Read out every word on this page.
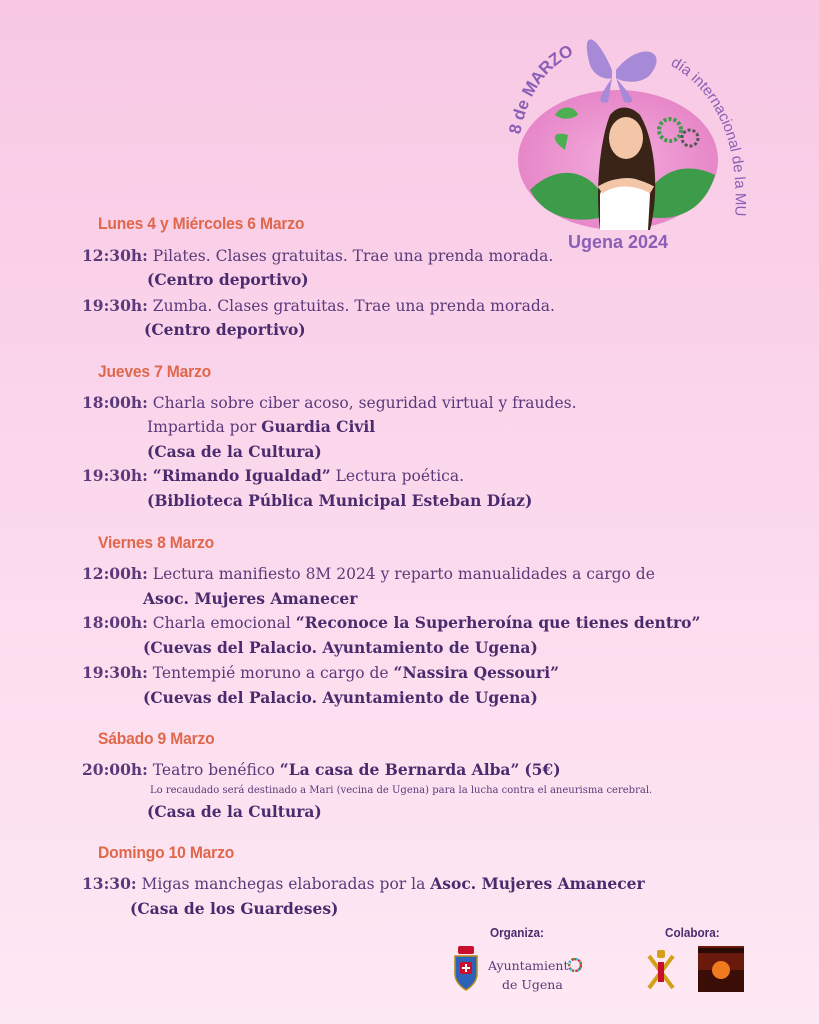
8 de MARZO	día internacional de la MU
Ugena 2024
Lunes 4 y Miércoles 6 Marzo
12:30h: Pilates. Clases gratuitas. Trae una prenda morada.
(Centro deportivo)
19:30h: Zumba. Clases gratuitas. Trae una prenda morada.
(Centro deportivo)
Jueves 7 Marzo
18:00h: Charla sobre ciber acoso, seguridad virtual y fraudes.
Impartida por Guardia Civil
(Casa de la Cultura)
19:30h: “Rimando Igualdad” Lectura poética.
(Biblioteca Pública Municipal Esteban Díaz)
Viernes 8 Marzo
12:00h: Lectura manifiesto 8M 2024 y reparto manualidades a cargo de
Asoc. Mujeres Amanecer
18:00h: Charla emocional “Reconoce la Superheroína que tienes dentro”
(Cuevas del Palacio. Ayuntamiento de Ugena)
19:30h: Tentempié moruno a cargo de “Nassira Qessouri”
(Cuevas del Palacio. Ayuntamiento de Ugena)
Sábado 9 Marzo
20:00h: Teatro benéfico “La casa de Bernarda Alba” (5€)
Lo recaudado será destinado a Mari (vecina de Ugena) para la lucha contra el aneurisma cerebral.
(Casa de la Cultura)
Domingo 10 Marzo
13:30: Migas manchegas elaboradas por la Asoc. Mujeres Amanecer
(Casa de los Guardeses)
Organiza:
Ayuntamient
de Ugena
Colabora:
